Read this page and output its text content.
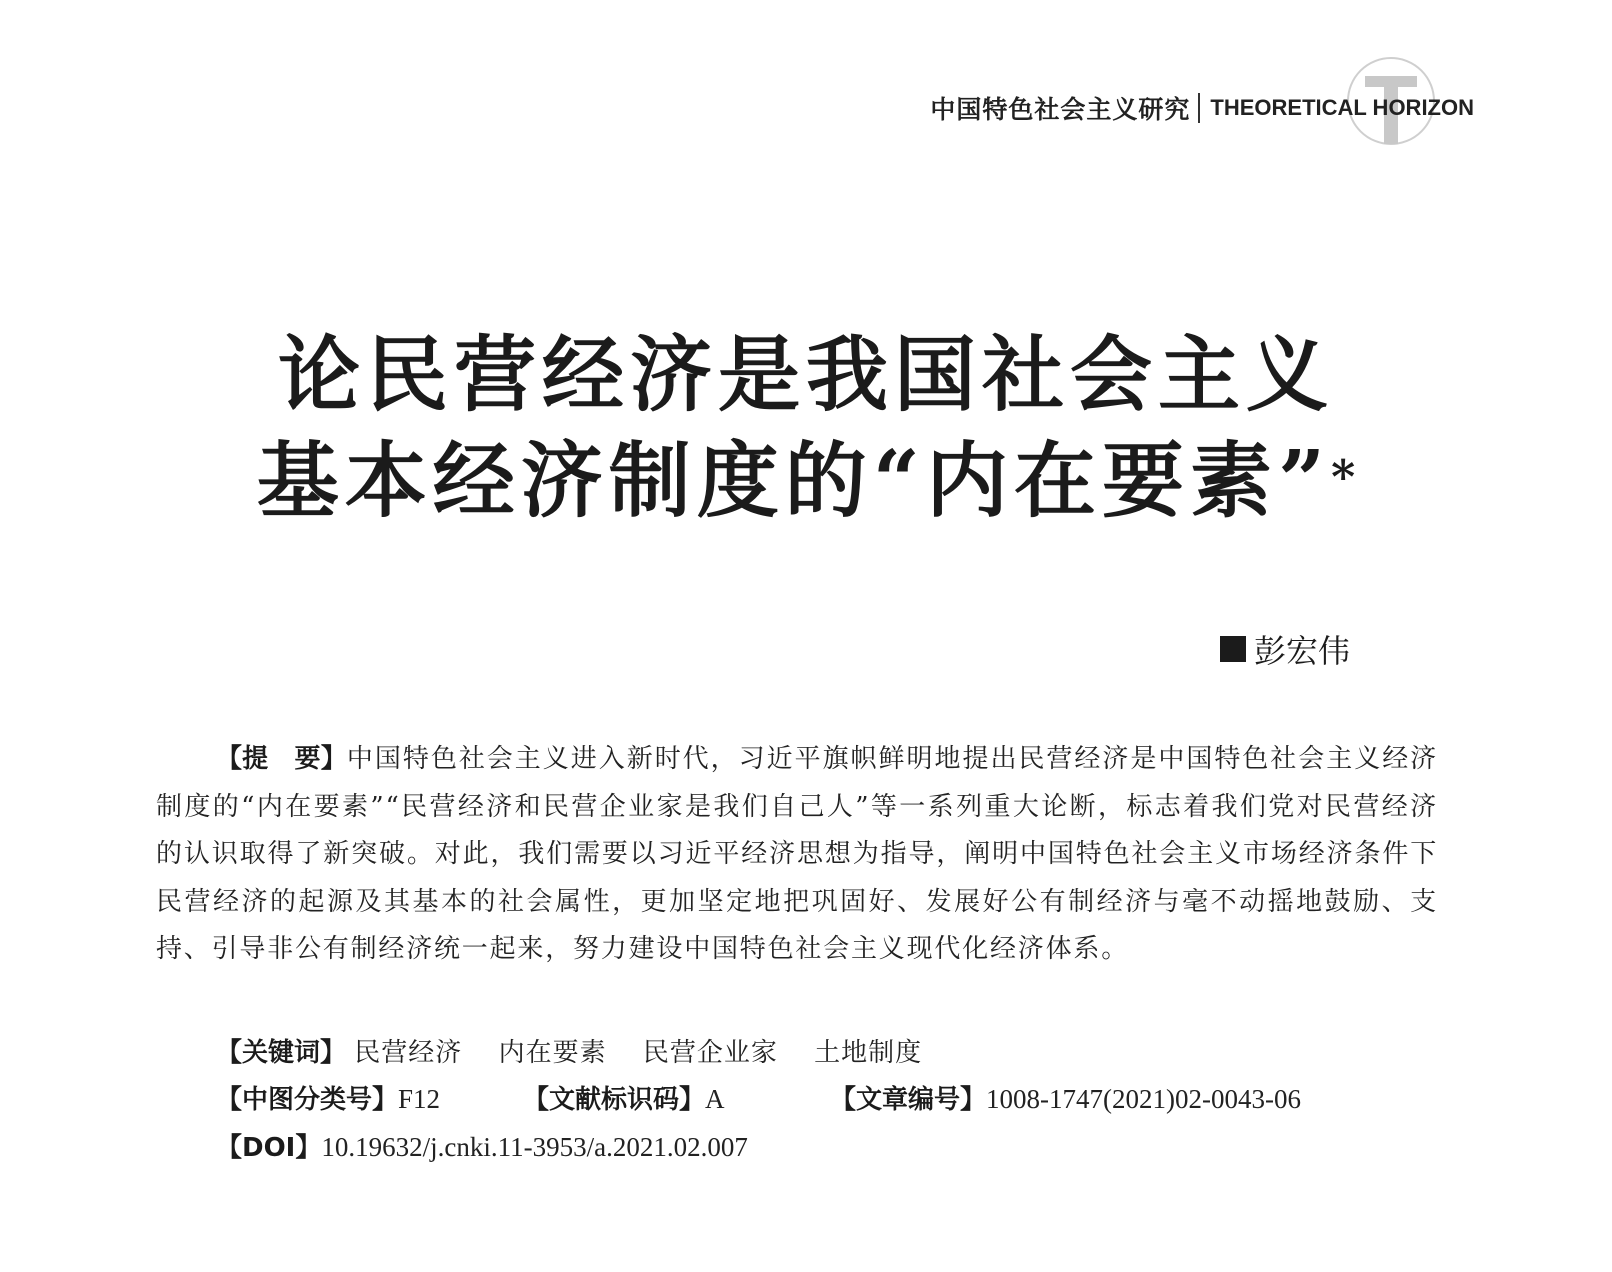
中国特色社会主义研究 THEORETICAL HORIZON
论民营经济是我国社会主义
基本经济制度的“内在要素”*
彭宏伟
【提　要】中国特色社会主义进入新时代，习近平旗帜鲜明地提出民营经济是中国特色社会主义经济制度的“内在要素”“民营经济和民营企业家是我们自己人”等一系列重大论断，标志着我们党对民营经济的认识取得了新突破。对此，我们需要以习近平经济思想为指导，阐明中国特色社会主义市场经济条件下民营经济的起源及其基本的社会属性，更加坚定地把巩固好、发展好公有制经济与毫不动摇地鼓励、支持、引导非公有制经济统一起来，努力建设中国特色社会主义现代化经济体系。
【关键词】 民营经济 内在要素 民营企业家 土地制度
【中图分类号】F12	【文献标识码】A	【文章编号】1008-1747(2021)02-0043-06
【DOI】10.19632/j.cnki.11-3953/a.2021.02.007
